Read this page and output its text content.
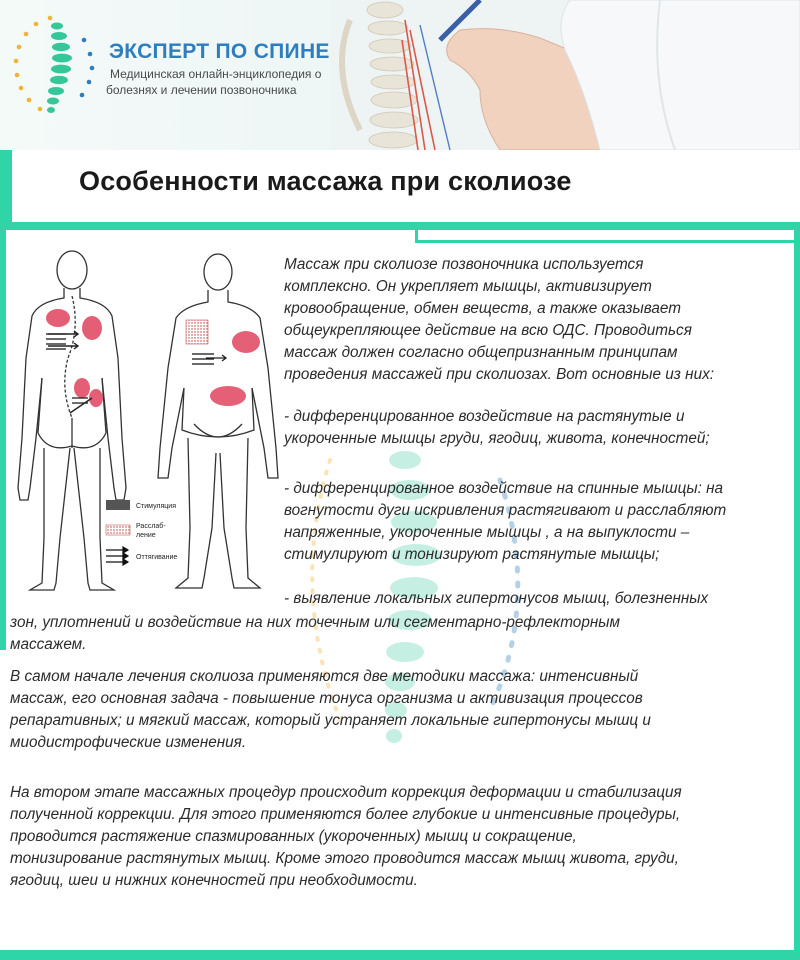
ЭКСПЕРТ ПО СПИНЕ
Медицинская онлайн-энциклопедия о
болезнях и лечении позвоночника
Особенности массажа при сколиозе
Стимуляция
Расслаб-
ление
Оттягивание

Массаж при сколиозе позвоночника используется

комплексно. Он укрепляет мышцы, активизирует

кровообращение, обмен веществ, а также оказывает

общеукрепляющее действие на всю ОДС. Проводиться

массаж должен согласно общепризнанным принципам

проведения массажей при сколиозах. Вот основные из них:

- дифференцированное воздействие на растянутые и

укороченные мышцы груди, ягодиц, живота, конечностей;

- дифференцированное воздействие на спинные мышцы: на

вогнутости дуги искривления растягивают и расслабляют

напряженные, укороченные мышцы , а на выпуклости –

стимулируют и тонизируют растянутые мышцы;

- выявление локальных гипертонусов мышц, болезненных

зон, уплотнений и воздействие на них точечным или сегментарно-рефлекторным

массажем.

В самом начале лечения сколиоза применяются две методики массажа: интенсивный

массаж, его основная задача - повышение тонуса организма и активизация процессов

репаративных; и мягкий массаж, который устраняет локальные гипертонусы мышц и

миодистрофические изменения.

На втором этапе массажных процедур происходит коррекция деформации и стабилизация

полученной коррекции. Для этого применяются более глубокие и интенсивные процедуры,

проводится растяжение спазмированных (укороченных) мышц и сокращение,

тонизирование растянутых мышц. Кроме этого проводится массаж мышц живота, груди,

ягодиц, шеи и нижних конечностей при необходимости.
